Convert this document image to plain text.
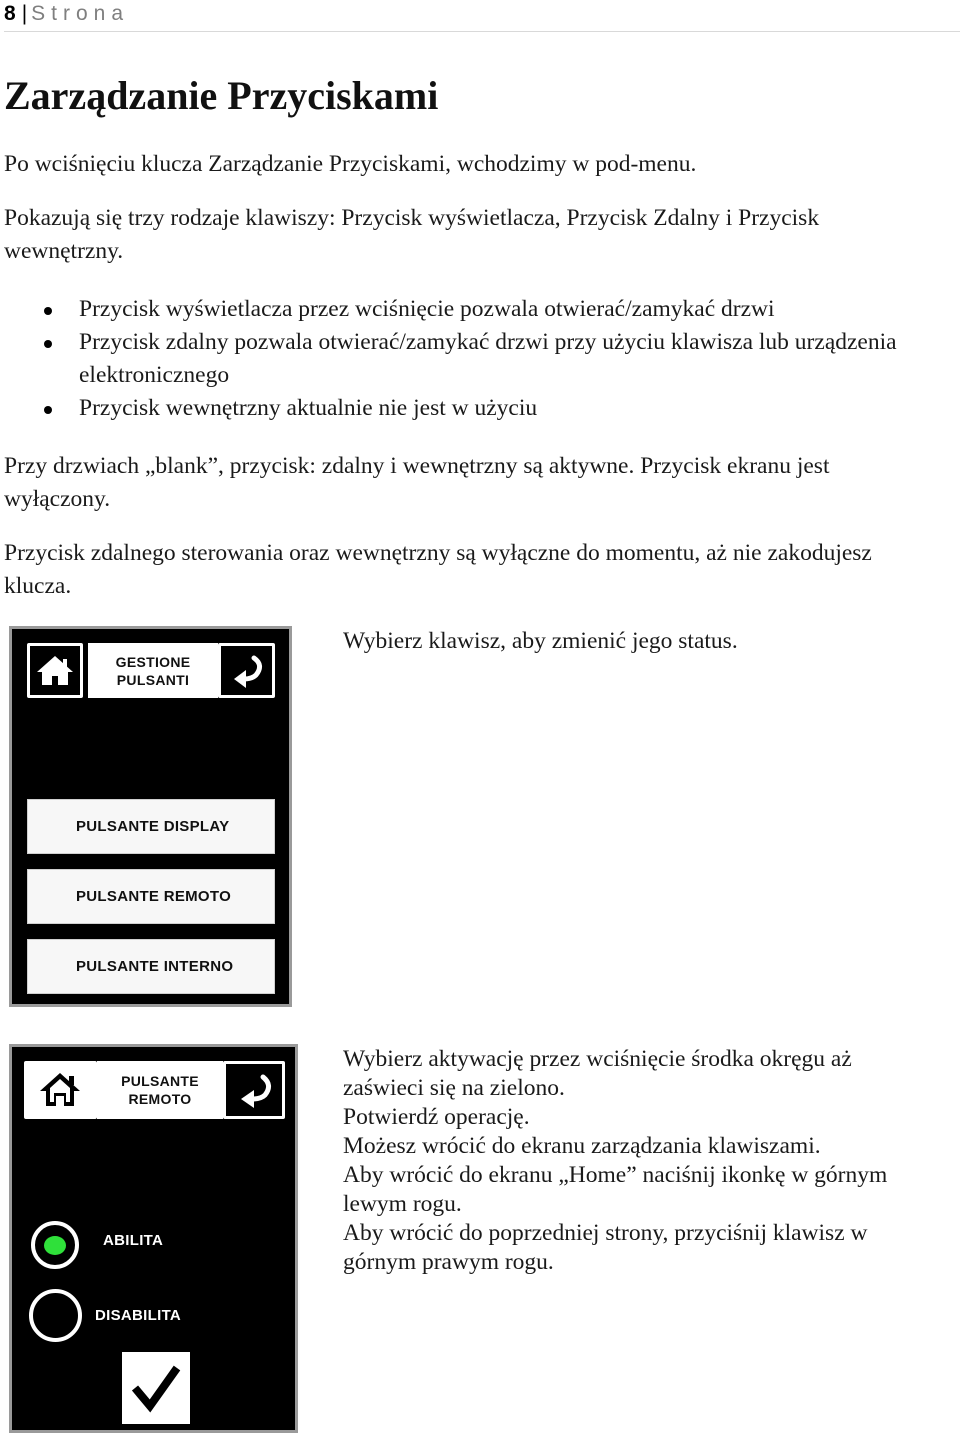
8 | Strona
Zarządzanie Przyciskami

Po wciśnięciu klucza Zarządzanie Przyciskami, wchodzimy w pod-menu.

Pokazują się trzy rodzaje klawiszy: Przycisk wyświetlacza, Przycisk Zdalny i Przycisk
wewnętrzny.
Przycisk wyświetlacza przez wciśnięcie pozwala otwierać/zamykać drzwi
Przycisk zdalny pozwala otwierać/zamykać drzwi przy użyciu klawisza lub urządzenia
elektronicznego
Przycisk wewnętrzny aktualnie nie jest w użyciu
Przy drzwiach „blank”, przycisk: zdalny i wewnętrzny są aktywne. Przycisk ekranu jest
wyłączony.
Przycisk zdalnego sterowania oraz wewnętrzny są wyłączne do momentu, aż nie zakodujesz
klucza.
GESTIONE
PULSANTI
PULSANTE DISPLAY
PULSANTE REMOTO
PULSANTE INTERNO

Wybierz klawisz, aby zmienić jego status.

PULSANTE
REMOTO
ABILITA
DISABILITA
Wybierz aktywację przez wciśnięcie środka okręgu aż
zaświeci się na zielono.
Potwierdź operację.
Możesz wrócić do ekranu zarządzania klawiszami.
Aby wrócić do ekranu „Home” naciśnij ikonkę w górnym
lewym rogu.
Aby wrócić do poprzedniej strony, przyciśnij klawisz w
górnym prawym rogu.
